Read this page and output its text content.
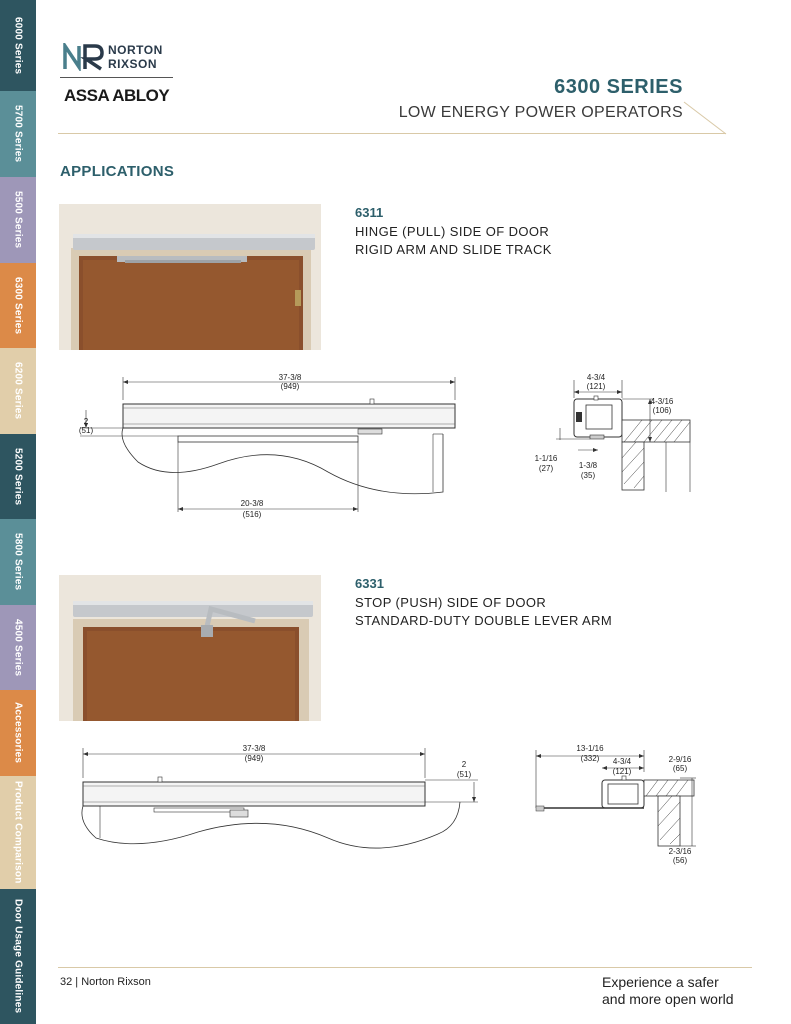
6000 Series
5700 Series
5500 Series
6300 Series
6200 Series
5200 Series
5800 Series
4500 Series
Accessories
Product Comparison
Door Usage Guidelines
NORTON
RIXSON
ASSA ABLOY	6300 SERIES
LOW ENERGY POWER OPERATORS
APPLICATIONS
6311
HINGE (PULL) SIDE OF DOOR
RIGID ARM AND SLIDE TRACK
37-3/8
(949)
20-3/8
(516)
2
(51)
4-3/4
(121)
4-3/16
(106)
1-1/16
(27)	1-3/8
(35)
6331
STOP (PUSH) SIDE OF DOOR
STANDARD-DUTY DOUBLE LEVER ARM
37-3/8
(949)
2
(51)
13-1/16
(332) 4-3/4
(121)
2-9/16
(65)
2-3/16
(56)
32 | Norton Rixson	Experience a safer
and more open world
